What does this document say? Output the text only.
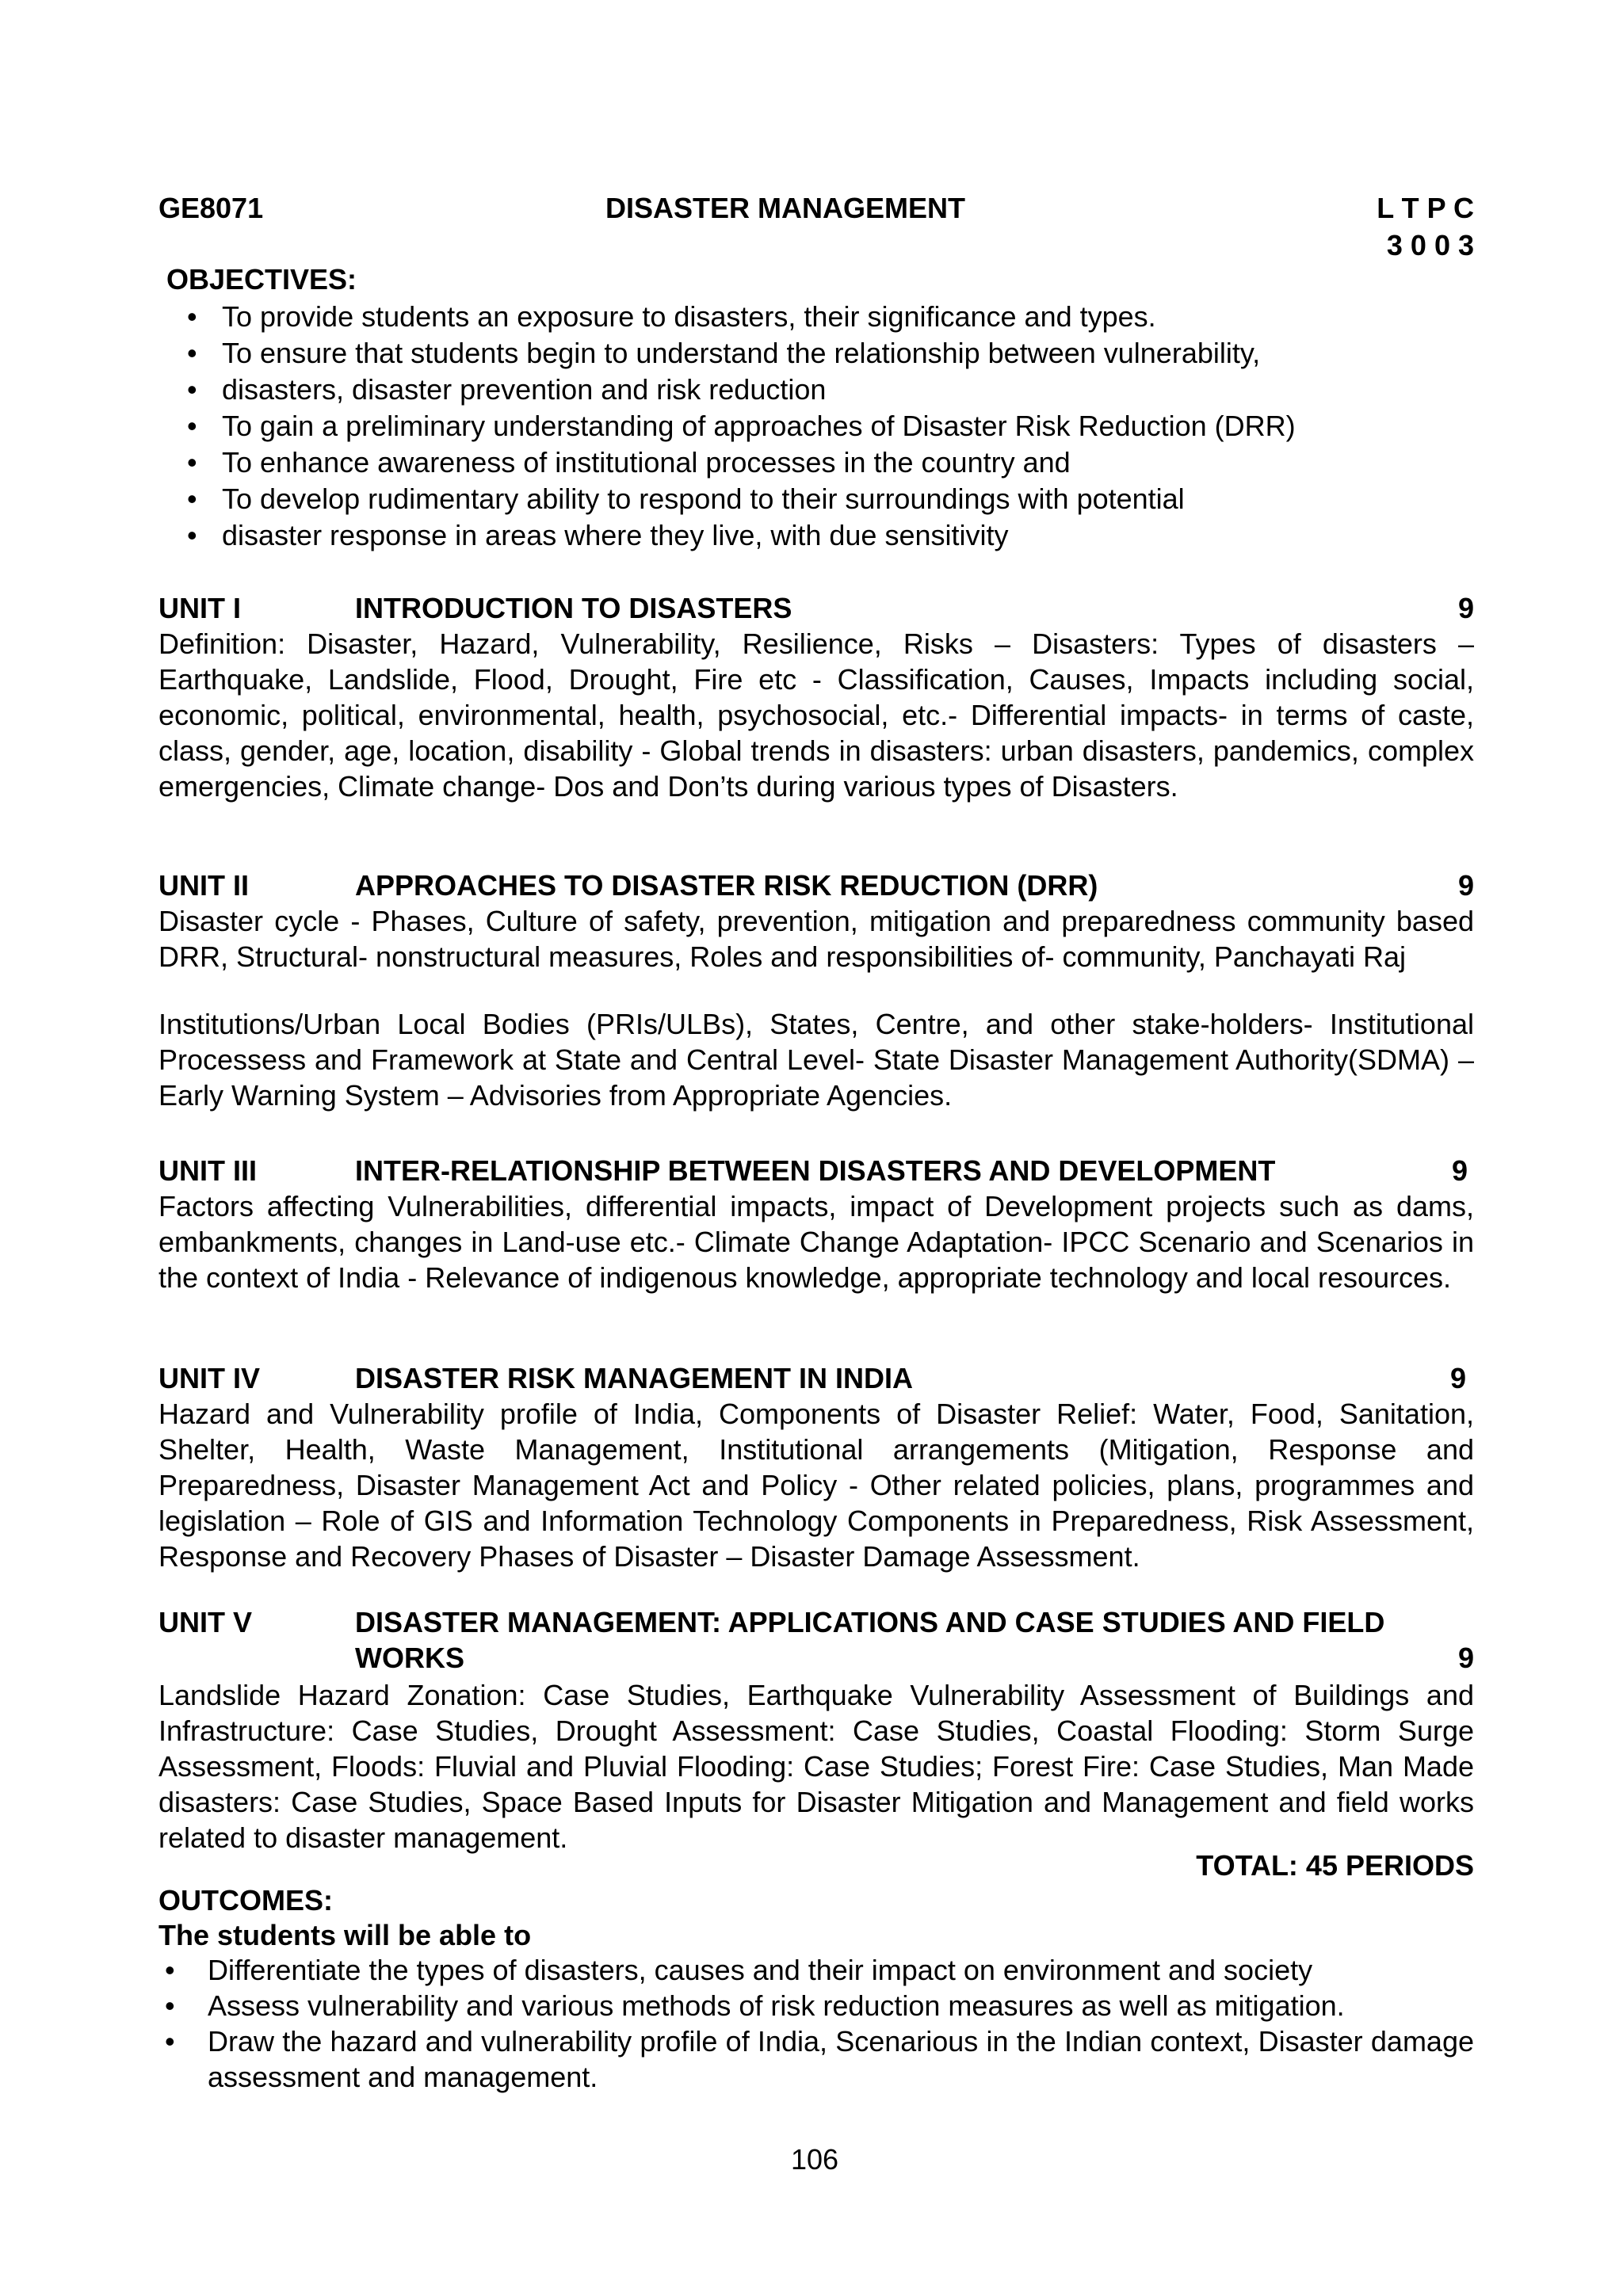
GE8071	DISASTER MANAGEMENT	L T P C
3 0 0 3
OBJECTIVES:
• To provide students an exposure to disasters, their significance and types.
• To ensure that students begin to understand the relationship between vulnerability,
• disasters, disaster prevention and risk reduction
• To gain a preliminary understanding of approaches of Disaster Risk Reduction (DRR)
• To enhance awareness of institutional processes in the country and
• To develop rudimentary ability to respond to their surroundings with potential
• disaster response in areas where they live, with due sensitivity
UNIT I	INTRODUCTION TO DISASTERS	9
Definition: Disaster, Hazard, Vulnerability, Resilience, Risks – Disasters: Types of disasters – Earthquake, Landslide, Flood, Drought, Fire etc - Classification, Causes, Impacts including social, economic, political, environmental, health, psychosocial, etc.- Differential impacts- in terms of caste, class, gender, age, location, disability - Global trends in disasters: urban disasters, pandemics, complex emergencies, Climate change- Dos and Don’ts during various types of Disasters.
UNIT II	APPROACHES TO DISASTER RISK REDUCTION (DRR)	9
Disaster cycle - Phases, Culture of safety, prevention, mitigation and preparedness community based DRR, Structural- nonstructural measures, Roles and responsibilities of- community, Panchayati Raj
Institutions/Urban Local Bodies (PRIs/ULBs), States, Centre, and other stake-holders- Institutional Processess and Framework at State and Central Level- State Disaster Management Authority(SDMA) – Early Warning System – Advisories from Appropriate Agencies.
UNIT III	INTER-RELATIONSHIP BETWEEN DISASTERS AND DEVELOPMENT	9
Factors affecting Vulnerabilities, differential impacts, impact of Development projects such as dams, embankments, changes in Land-use etc.- Climate Change Adaptation- IPCC Scenario and Scenarios in the context of India - Relevance of indigenous knowledge, appropriate technology and local resources.
UNIT IV	DISASTER RISK MANAGEMENT IN INDIA	9
Hazard and Vulnerability profile of India, Components of Disaster Relief: Water, Food, Sanitation, Shelter, Health, Waste Management, Institutional arrangements (Mitigation, Response and Preparedness, Disaster Management Act and Policy - Other related policies, plans, programmes and legislation – Role of GIS and Information Technology Components in Preparedness, Risk Assessment, Response and Recovery Phases of Disaster – Disaster Damage Assessment.
UNIT V	DISASTER MANAGEMENT: APPLICATIONS AND CASE STUDIES AND FIELD
WORKS	9
Landslide Hazard Zonation: Case Studies, Earthquake Vulnerability Assessment of Buildings and Infrastructure: Case Studies, Drought Assessment: Case Studies, Coastal Flooding: Storm Surge Assessment, Floods: Fluvial and Pluvial Flooding: Case Studies; Forest Fire: Case Studies, Man Made disasters: Case Studies, Space Based Inputs for Disaster Mitigation and Management and field works related to disaster management.
TOTAL: 45 PERIODS
OUTCOMES:
The students will be able to
• Differentiate the types of disasters, causes and their impact on environment and society
• Assess vulnerability and various methods of risk reduction measures as well as mitigation.
• Draw the hazard and vulnerability profile of India, Scenarious in the Indian context, Disaster damage assessment and management.
106
